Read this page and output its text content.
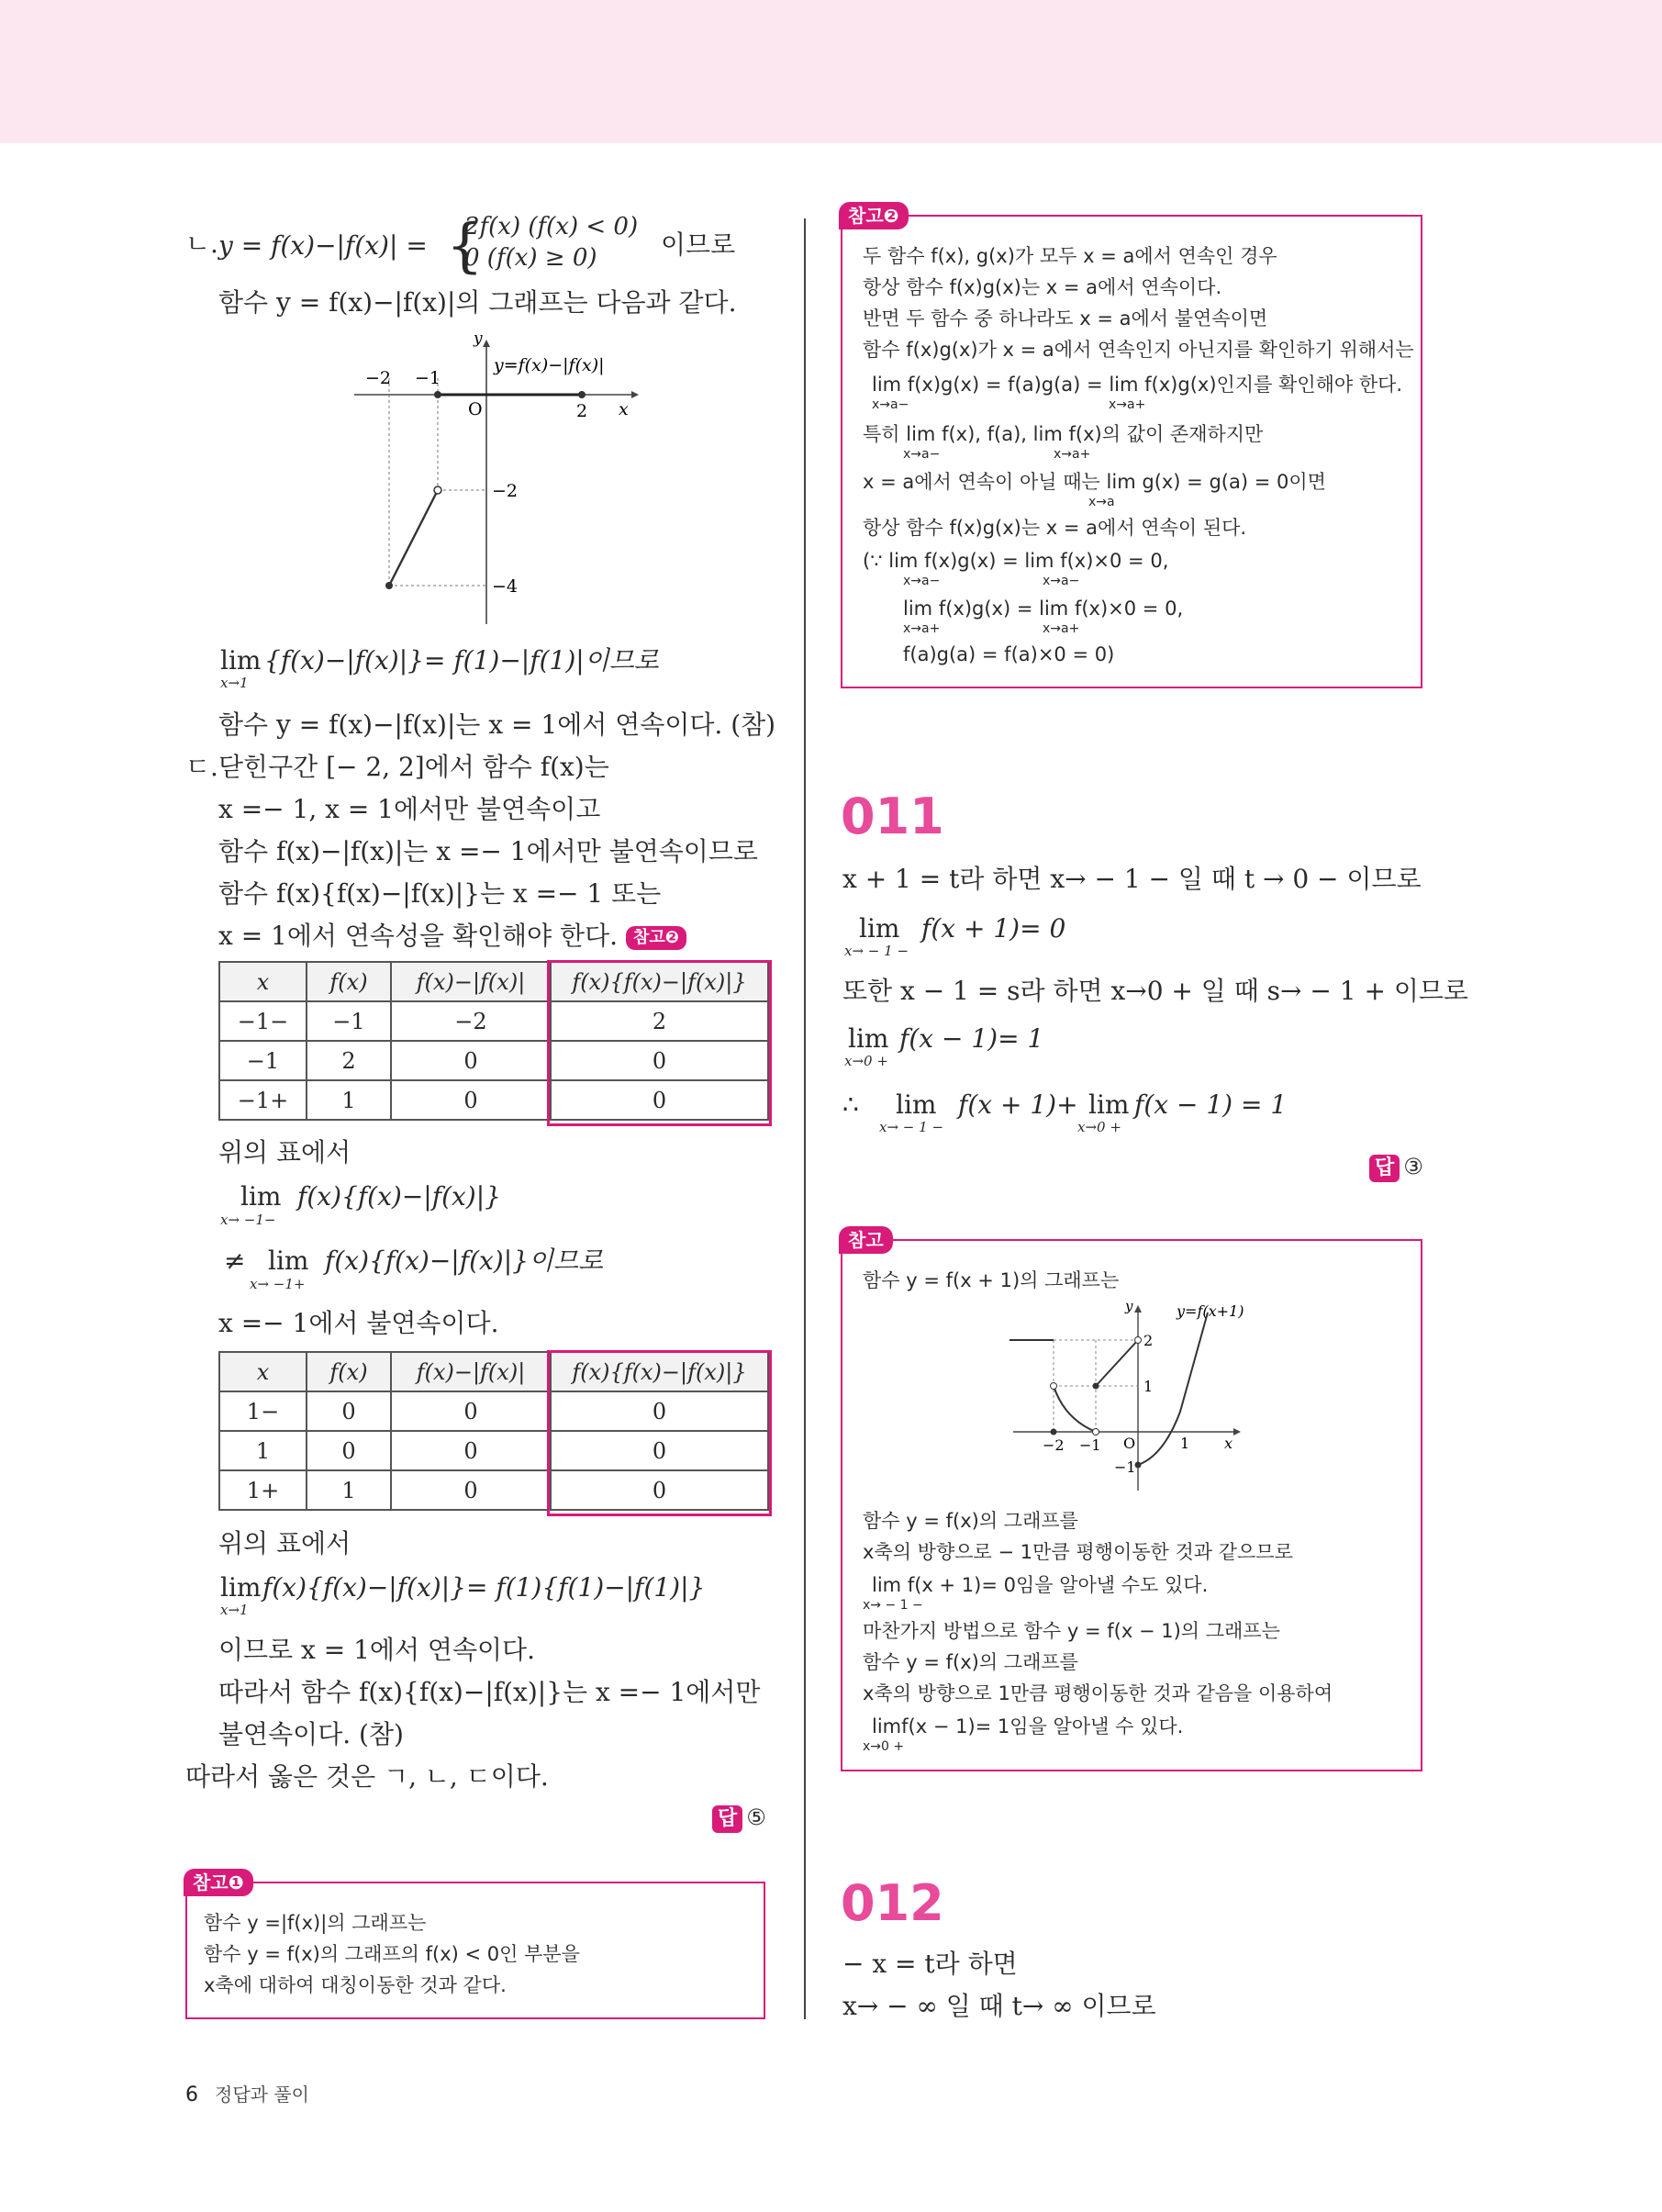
ㄴ. y = f(x)−|f(x)| = {
2f(x) (f(x) < 0)
0 (f(x) ≥ 0) 이므로
함수 y = f(x)−|f(x)|의 그래프는 다음과 같다.
y=f(x)−|f(x)|
y
x
O
−2 −1
2
−2
−4
lim {f(x)−|f(x)|}= f(1)−|f(1)|이므로
x→1
함수 y = f(x)−|f(x)|는 x = 1에서 연속이다. (참)
ㄷ. 닫힌구간 [− 2, 2]에서 함수 f(x)는
x =− 1, x = 1에서만 불연속이고
함수 f(x)−|f(x)|는 x =− 1에서만 불연속이므로
함수 f(x){f(x)−|f(x)|}는 x =− 1 또는
x = 1에서 연속성을 확인해야 한다. 참고❷
x	f(x)	f(x)−|f(x)|	f(x){f(x)−|f(x)|}
−1−	−1	−2	2
−1	2	0	0
−1+	1	0	0
위의 표에서
lim f(x){f(x)−|f(x)|}
x→ −1−
≠ lim f(x){f(x)−|f(x)|}이므로
x→ −1+
x =− 1에서 불연속이다.
x	f(x)	f(x)−|f(x)|	f(x){f(x)−|f(x)|}
1−	0	0	0
1	0	0	0
1+	1	0	0
위의 표에서
lim f(x){f(x)−|f(x)|}= f(1){f(1)−|f(1)|}
x→1
이므로 x = 1에서 연속이다.
따라서 함수 f(x){f(x)−|f(x)|}는 x =− 1에서만
불연속이다. (참)
따라서 옳은 것은 ㄱ, ㄴ, ㄷ이다.
답 ⑤
참고❶
함수 y =|f(x)|의 그래프는
함수 y = f(x)의 그래프의 f(x) < 0인 부분을
x축에 대하여 대칭이동한 것과 같다.
참고❷
두 함수 f(x), g(x)가 모두 x = a에서 연속인 경우
항상 함수 f(x)g(x)는 x = a에서 연속이다.
반면 두 함수 중 하나라도 x = a에서 불연속이면
함수 f(x)g(x)가 x = a에서 연속인지 아닌지를 확인하기 위해서는
lim f(x)g(x) = f(a)g(a) = lim f(x)g(x)인지를 확인해야 한다.
x→a−	x→a+
특히 lim f(x), f(a), lim f(x)의 값이 존재하지만
x→a−	x→a+
x = a에서 연속이 아닐 때는 lim g(x) = g(a) = 0이면
x→a
항상 함수 f(x)g(x)는 x = a에서 연속이 된다.
(∵ lim f(x)g(x) = lim f(x)×0 = 0,
x→a−	x→a−
lim f(x)g(x) = lim f(x)×0 = 0,
x→a+	x→a+
f(a)g(a) = f(a)×0 = 0)
011
x + 1 = t라 하면 x→ − 1 − 일 때 t → 0 − 이므로
lim f(x + 1)= 0
x→ − 1 −
또한 x − 1 = s라 하면 x→0 + 일 때 s→ − 1 + 이므로
lim f(x − 1)= 1
x→0 +
∴ lim f(x + 1)+
x→ − 1 −
lim f(x − 1) = 1
x→0 +
답 ③
참고
함수 y = f(x + 1)의 그래프는
y=f(x+1)
y
x
O
−2 −1	1
2
1
−1
함수 y = f(x)의 그래프를
x축의 방향으로 − 1만큼 평행이동한 것과 같으므로
lim f(x + 1)= 0임을 알아낼 수도 있다.
x→ − 1 −
마찬가지 방법으로 함수 y = f(x − 1)의 그래프는
함수 y = f(x)의 그래프를
x축의 방향으로 1만큼 평행이동한 것과 같음을 이용하여
limf(x − 1)= 1임을 알아낼 수 있다.
x→0 +
012
− x = t라 하면
x→ − ∞ 일 때 t→ ∞ 이므로
6 정답과 풀이
